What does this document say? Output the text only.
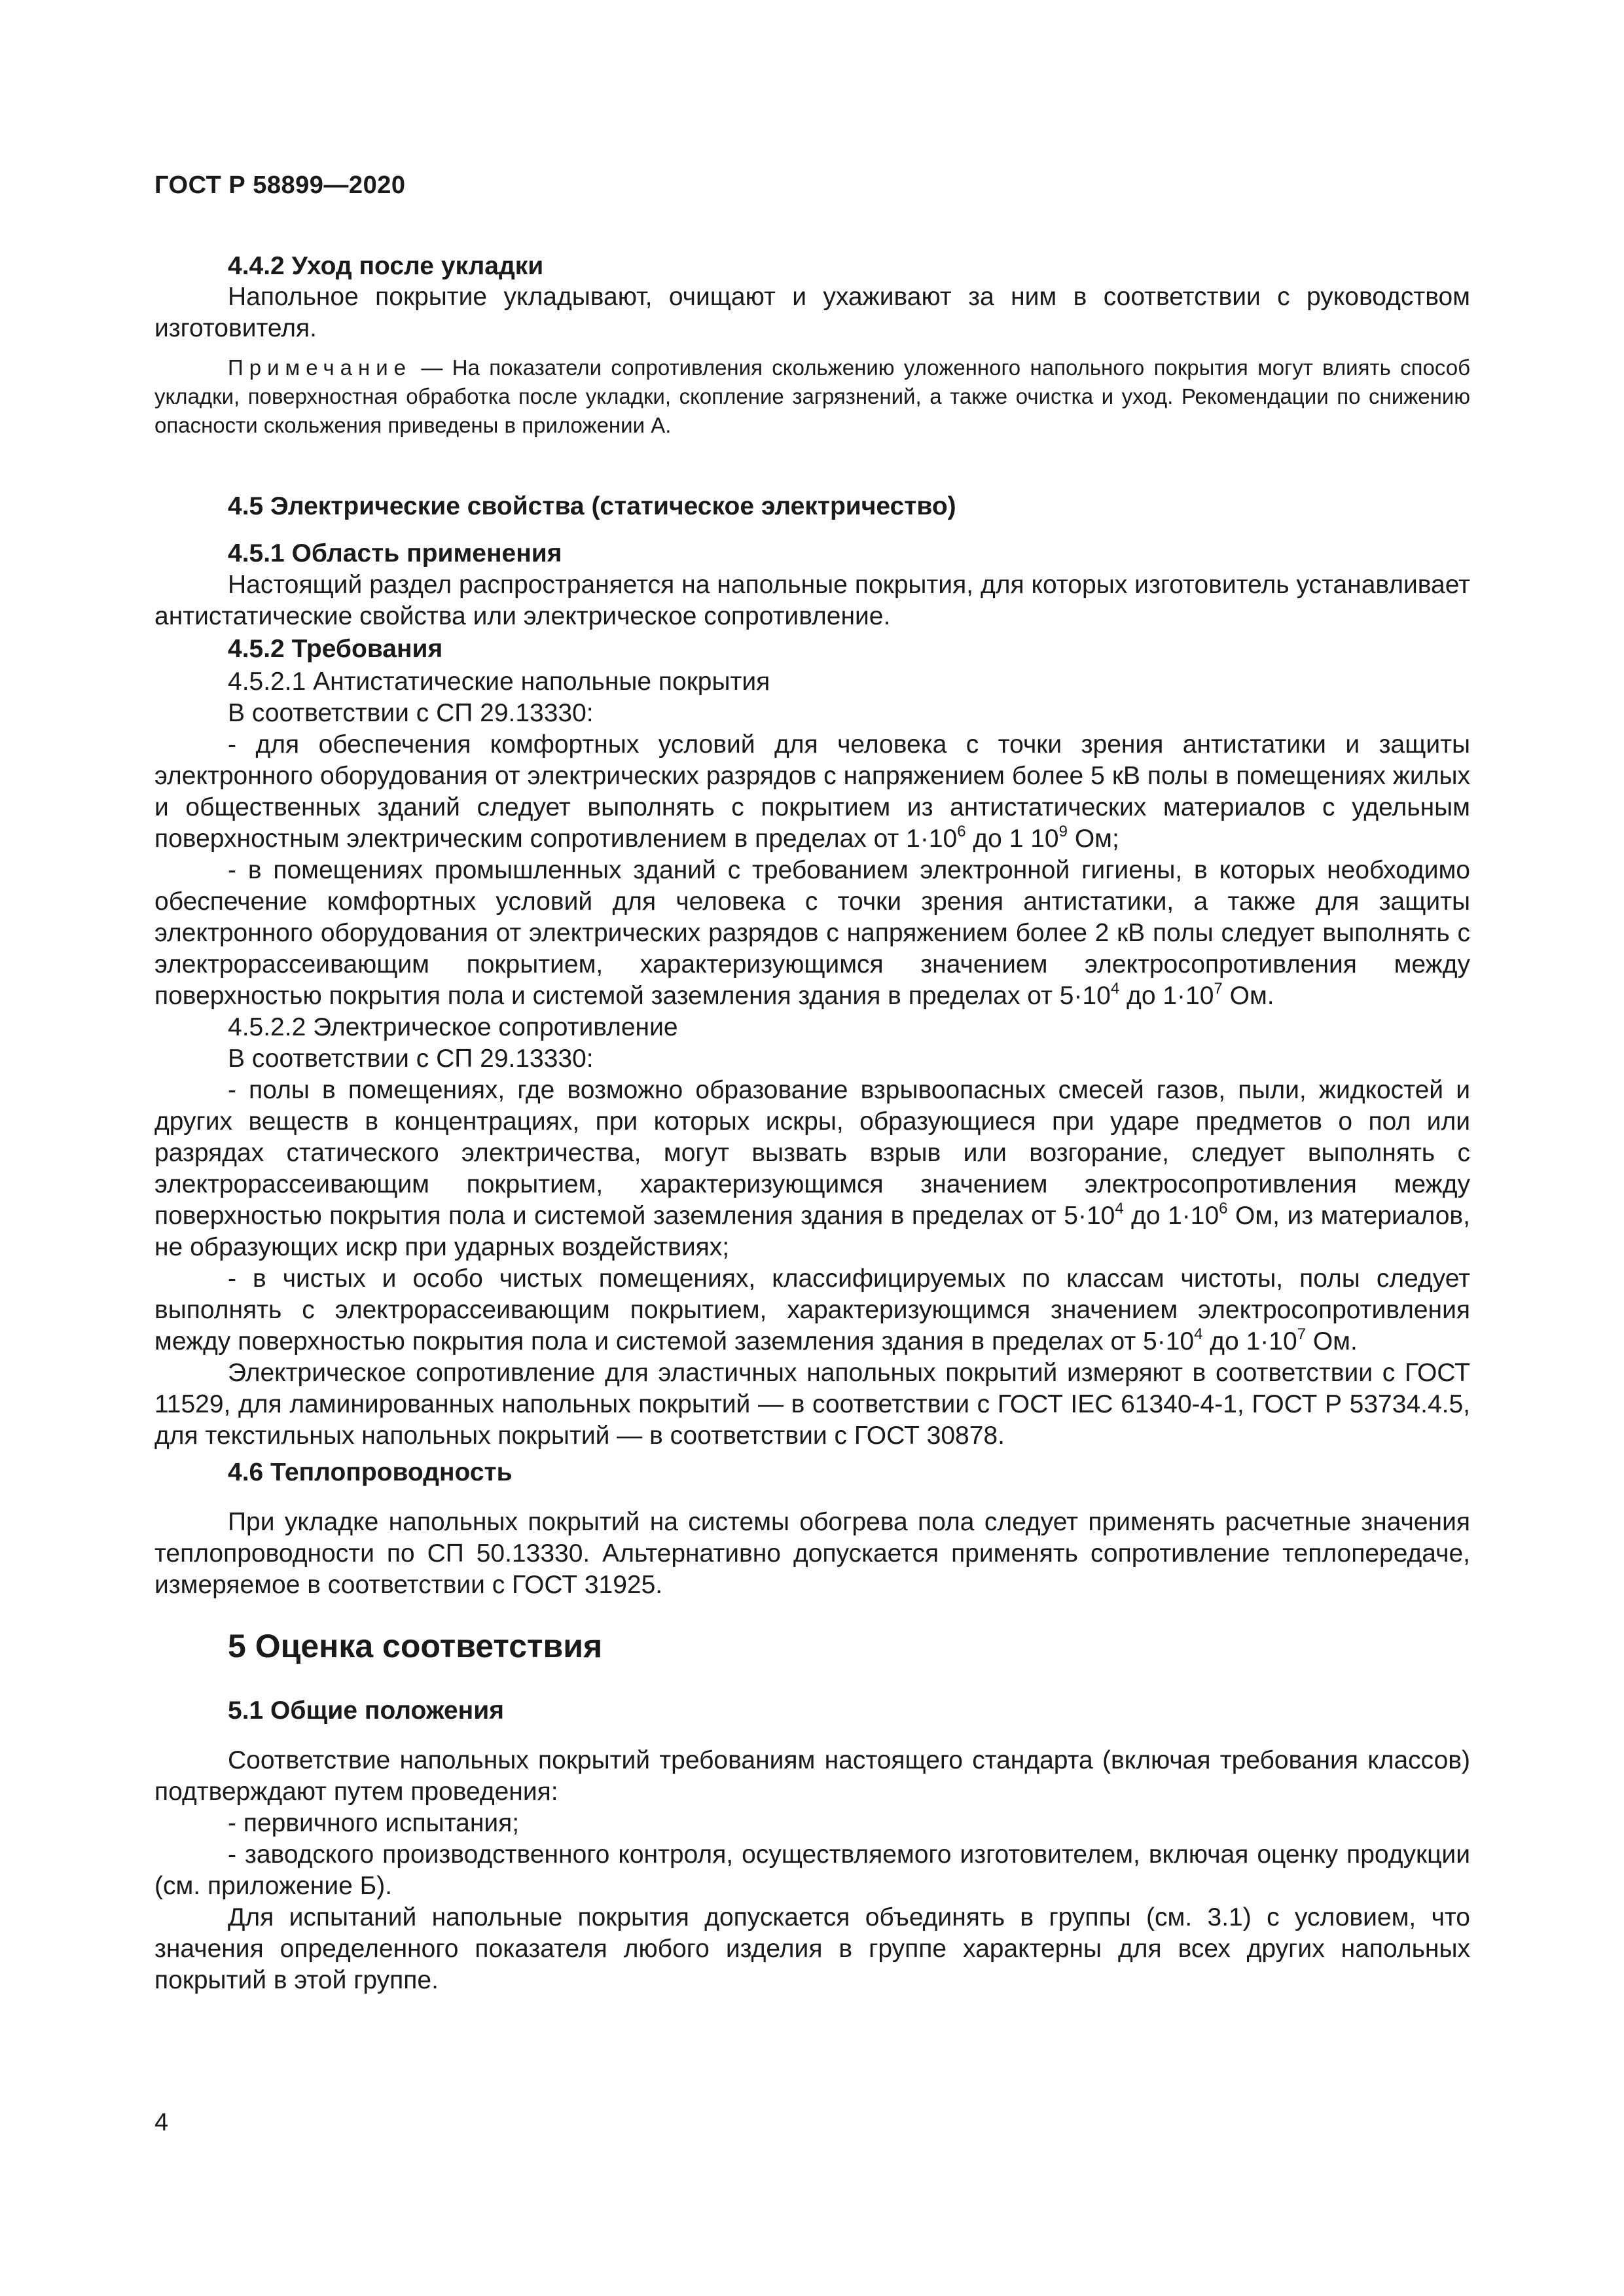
ГОСТ Р 58899—2020

4.4.2 Уход после укладки

Напольное покрытие укладывают, очищают и ухаживают за ним в соответствии с руководством изготовителя.

Примечание — На показатели сопротивления скольжению уложенного напольного покрытия могут влиять способ укладки, поверхностная обработка после укладки, скопление загрязнений, а также очистка и уход. Рекомендации по снижению опасности скольжения приведены в приложении А.

4.5 Электрические свойства (статическое электричество)

4.5.1 Область применения

Настоящий раздел распространяется на напольные покрытия, для которых изготовитель устанавливает антистатические свойства или электрическое сопротивление.

4.5.2 Требования

4.5.2.1 Антистатические напольные покрытия

В соответствии с СП 29.13330:

- для обеспечения комфортных условий для человека с точки зрения антистатики и защиты электронного оборудования от электрических разрядов с напряжением более 5 кВ полы в помещениях жилых и общественных зданий следует выполнять с покрытием из антистатических материалов с удельным поверхностным электрическим сопротивлением в пределах от $1\cdot 10^6$ до 1 $10^9$ Ом;

- в помещениях промышленных зданий с требованием электронной гигиены, в которых необходимо обеспечение комфортных условий для человека с точки зрения антистатики, а также для защиты электронного оборудования от электрических разрядов с напряжением более 2 кВ полы следует выполнять с электрорассеивающим покрытием, характеризующимся значением электросопротивления между поверхностью покрытия пола и системой заземления здания в пределах от $5\cdot 10^4$ до $1\cdot 10^7$ Ом.

4.5.2.2 Электрическое сопротивление

В соответствии с СП 29.13330:

- полы в помещениях, где возможно образование взрывоопасных смесей газов, пыли, жидкостей и других веществ в концентрациях, при которых искры, образующиеся при ударе предметов о пол или разрядах статического электричества, могут вызвать взрыв или возгорание, следует выполнять с электрорассеивающим покрытием, характеризующимся значением электросопротивления между поверхностью покрытия пола и системой заземления здания в пределах от $5\cdot 10^4$ до $1\cdot 10^6$ Ом, из материалов, не образующих искр при ударных воздействиях;

- в чистых и особо чистых помещениях, классифицируемых по классам чистоты, полы следует выполнять с электрорассеивающим покрытием, характеризующимся значением электросопротивления между поверхностью покрытия пола и системой заземления здания в пределах от $5\cdot 10^4$ до $1\cdot 10^7$ Ом.

Электрическое сопротивление для эластичных напольных покрытий измеряют в соответствии с ГОСТ 11529, для ламинированных напольных покрытий — в соответствии с ГОСТ IEC 61340-4-1, ГОСТ Р 53734.4.5, для текстильных напольных покрытий — в соответствии с ГОСТ 30878.

4.6 Теплопроводность

При укладке напольных покрытий на системы обогрева пола следует применять расчетные значения теплопроводности по СП 50.13330. Альтернативно допускается применять сопротивление теплопередаче, измеряемое в соответствии с ГОСТ 31925.

5 Оценка соответствия

5.1 Общие положения

Соответствие напольных покрытий требованиям настоящего стандарта (включая требования классов) подтверждают путем проведения:

- первичного испытания;

- заводского производственного контроля, осуществляемого изготовителем, включая оценку продукции (см. приложение Б).

Для испытаний напольные покрытия допускается объединять в группы (см. 3.1) с условием, что значения определенного показателя любого изделия в группе характерны для всех других напольных покрытий в этой группе.

4
